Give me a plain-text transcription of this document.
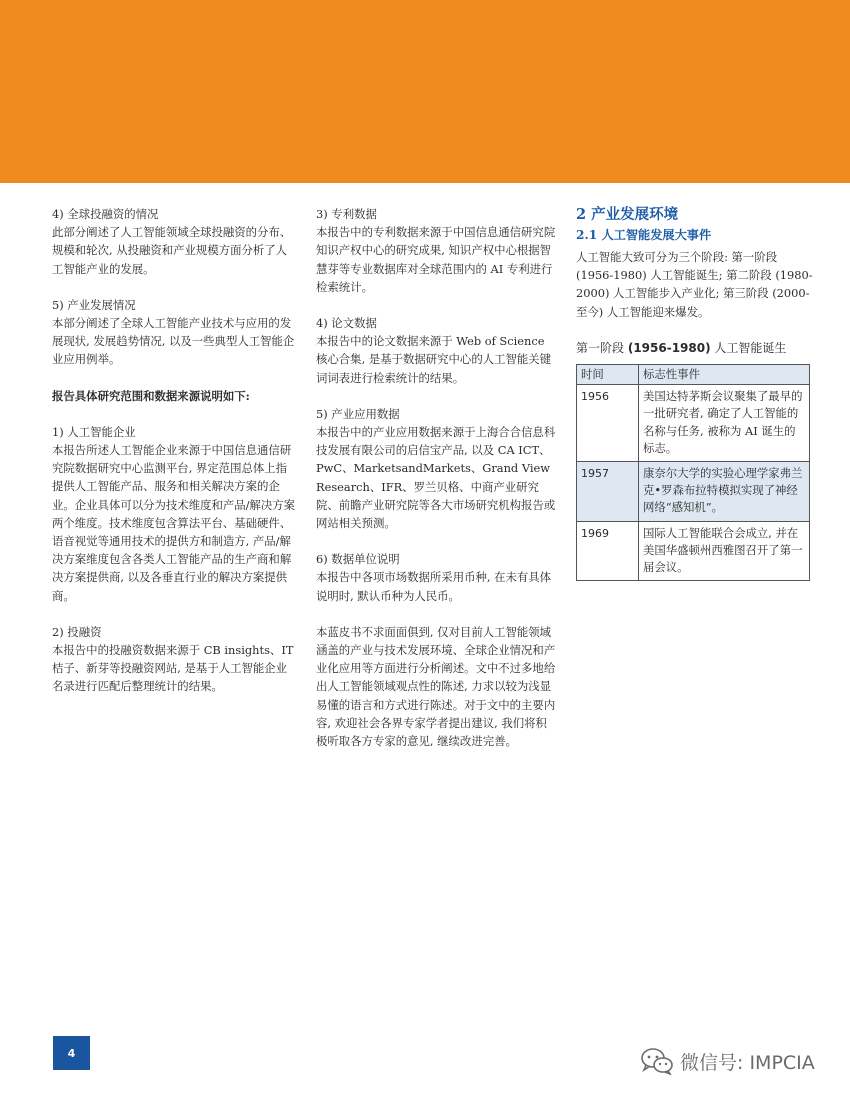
4) 全球投融资的情况

此部分阐述了人工智能领域全球投融资的分布、规模和轮次, 从投融资和产业规模方面分析了人工智能产业的发展。

5) 产业发展情况

本部分阐述了全球人工智能产业技术与应用的发展现状, 发展趋势情况, 以及一些典型人工智能企业应用例举。

报告具体研究范围和数据来源说明如下:

1) 人工智能企业

本报告所述人工智能企业来源于中国信息通信研究院数据研究中心监测平台, 界定范围总体上指提供人工智能产品、服务和相关解决方案的企业。企业具体可以分为技术维度和产品/解决方案两个维度。技术维度包含算法平台、基础硬件、语音视觉等通用技术的提供方和制造方, 产品/解决方案维度包含各类人工智能产品的生产商和解决方案提供商, 以及各垂直行业的解决方案提供商。

2) 投融资

本报告中的投融资数据来源于 CB insights、IT 桔子、新芽等投融资网站, 是基于人工智能企业名录进行匹配后整理统计的结果。

3) 专利数据

本报告中的专利数据来源于中国信息通信研究院知识产权中心的研究成果, 知识产权中心根据智慧芽等专业数据库对全球范围内的 AI 专利进行检索统计。

4) 论文数据

本报告中的论文数据来源于 Web of Science 核心合集, 是基于数据研究中心的人工智能关键词词表进行检索统计的结果。

5) 产业应用数据

本报告中的产业应用数据来源于上海合合信息科技发展有限公司的启信宝产品, 以及 CA ICT、PwC、MarketsandMarkets、Grand View Research、IFR、罗兰贝格、中商产业研究院、前瞻产业研究院等各大市场研究机构报告或网站相关预测。

6) 数据单位说明

本报告中各项市场数据所采用币种, 在未有具体说明时, 默认币种为人民币。

本蓝皮书不求面面俱到, 仅对目前人工智能领域涵盖的产业与技术发展环境、全球企业情况和产业化应用等方面进行分析阐述。文中不过多地给出人工智能领域观点性的陈述, 力求以较为浅显易懂的语言和方式进行陈述。对于文中的主要内容, 欢迎社会各界专家学者提出建议, 我们将积极听取各方专家的意见, 继续改进完善。

2 产业发展环境

2.1 人工智能发展大事件

人工智能大致可分为三个阶段: 第一阶段 (1956-1980) 人工智能诞生; 第二阶段 (1980-2000) 人工智能步入产业化; 第三阶段 (2000-至今) 人工智能迎来爆发。

第一阶段 (1956-1980) 人工智能诞生

时间	标志性事件
1956	美国达特茅斯会议聚集了最早的一批研究者, 确定了人工智能的名称与任务, 被称为 AI 诞生的标志。
1957	康奈尔大学的实验心理学家弗兰克•罗森布拉特模拟实现了神经网络“感知机”。
1969	国际人工智能联合会成立, 并在美国华盛顿州西雅图召开了第一届会议。
4	微信号: IMPCIA
